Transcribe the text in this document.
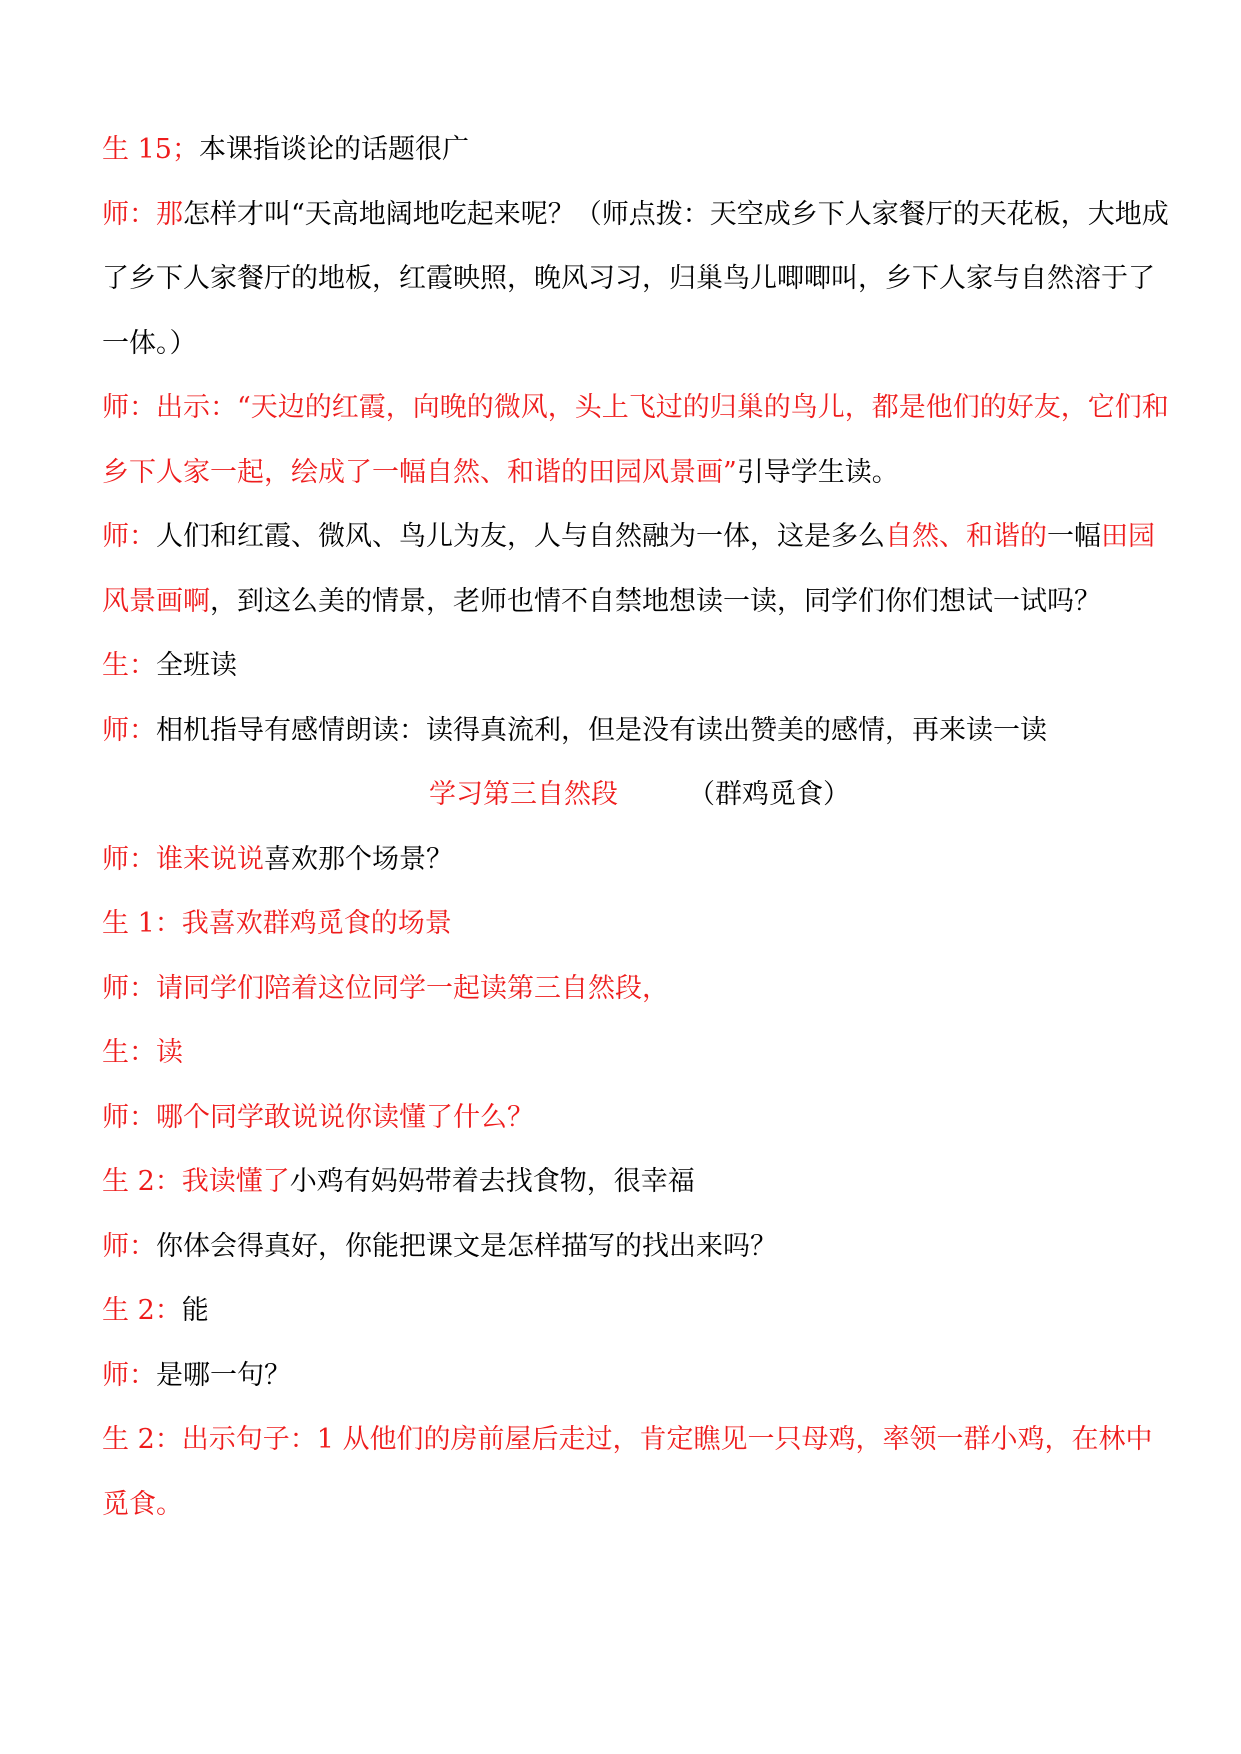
生 15；本课指谈论的话题很广

师：那怎样才叫“天高地阔地吃起来呢？（师点拨：天空成乡下人家餐厅的天花板，大地成了乡下人家餐厅的地板，红霞映照，晚风习习，归巢鸟儿唧唧叫，乡下人家与自然溶于了一体。）

师：出示：“天边的红霞，向晚的微风，头上飞过的归巢的鸟儿，都是他们的好友，它们和乡下人家一起，绘成了一幅自然、和谐的田园风景画”引导学生读。

师：人们和红霞、微风、鸟儿为友，人与自然融为一体，这是多么自然、和谐的一幅田园风景画啊，到这么美的情景，老师也情不自禁地想读一读，同学们你们想试一试吗？

生：全班读

师：相机指导有感情朗读：读得真流利，但是没有读出赞美的感情，再来读一读

学习第三自然段	（群鸡觅食）

师：谁来说说喜欢那个场景？

生 1：我喜欢群鸡觅食的场景

师：请同学们陪着这位同学一起读第三自然段，

生：读

师：哪个同学敢说说你读懂了什么？

生 2：我读懂了小鸡有妈妈带着去找食物，很幸福

师：你体会得真好，你能把课文是怎样描写的找出来吗？

生 2：能

师：是哪一句？

生 2：出示句子：1 从他们的房前屋后走过，肯定瞧见一只母鸡，率领一群小鸡，在林中觅食。
